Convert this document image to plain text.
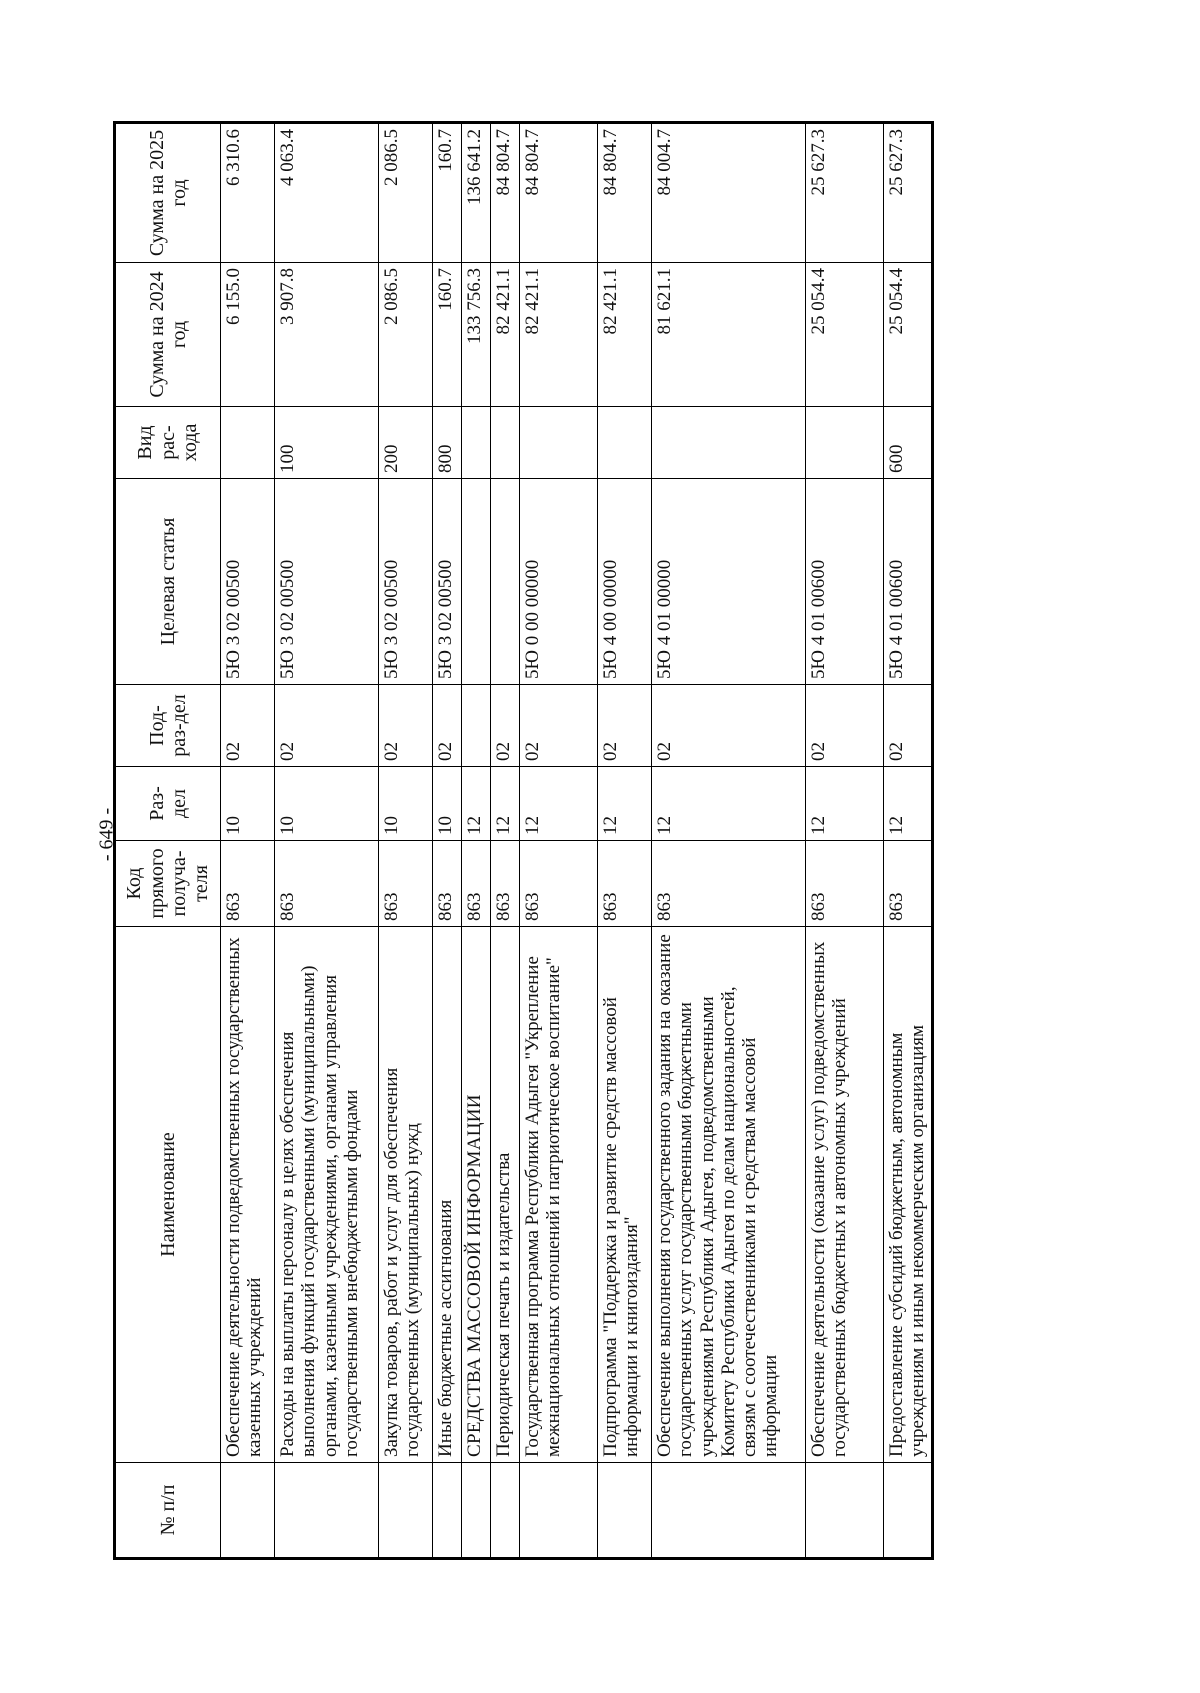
- 649 -
№ п/п	Наименование	Код прямого получа-теля	Раз-дел	Под-раз-дел	Целевая статья	Вид рас-хода	Сумма на 2024 год	Сумма на 2025 год
	Обеспечение деятельности подведомственных государственных казенных учреждений	863	10	02	5Ю 3 02 00500		6 155.0	6 310.6
	Расходы на выплаты персоналу в целях обеспечения выполнения функций государственными (муниципальными) органами, казенными учреждениями, органами управления государственными внебюджетными фондами	863	10	02	5Ю 3 02 00500	100	3 907.8	4 063.4
	Закупка товаров, работ и услуг для обеспечения государственных (муниципальных) нужд	863	10	02	5Ю 3 02 00500	200	2 086.5	2 086.5
	Иные бюджетные ассигнования	863	10	02	5Ю 3 02 00500	800	160.7	160.7
	СРЕДСТВА МАССОВОЙ ИНФОРМАЦИИ	863	12				133 756.3	136 641.2
	Периодическая печать и издательства	863	12	02			82 421.1	84 804.7
	Государственная программа Республики Адыгея "Укрепление межнациональных отношений и патриотическое воспитание"	863	12	02	5Ю 0 00 00000		82 421.1	84 804.7
	Подпрограмма "Поддержка и развитие средств массовой информации и книгоиздания"	863	12	02	5Ю 4 00 00000		82 421.1	84 804.7
	Обеспечение выполнения государственного задания на оказание государственных услуг государственными бюджетными учреждениями Республики Адыгея, подведомственными Комитету Республики Адыгея по делам национальностей, связям с соотечественниками и средствам массовой информации	863	12	02	5Ю 4 01 00000		81 621.1	84 004.7
	Обеспечение деятельности (оказание услуг) подведомственных государственных бюджетных и автономных учреждений	863	12	02	5Ю 4 01 00600		25 054.4	25 627.3
	Предоставление субсидий бюджетным, автономным учреждениям и иным некоммерческим организациям	863	12	02	5Ю 4 01 00600	600	25 054.4	25 627.3
